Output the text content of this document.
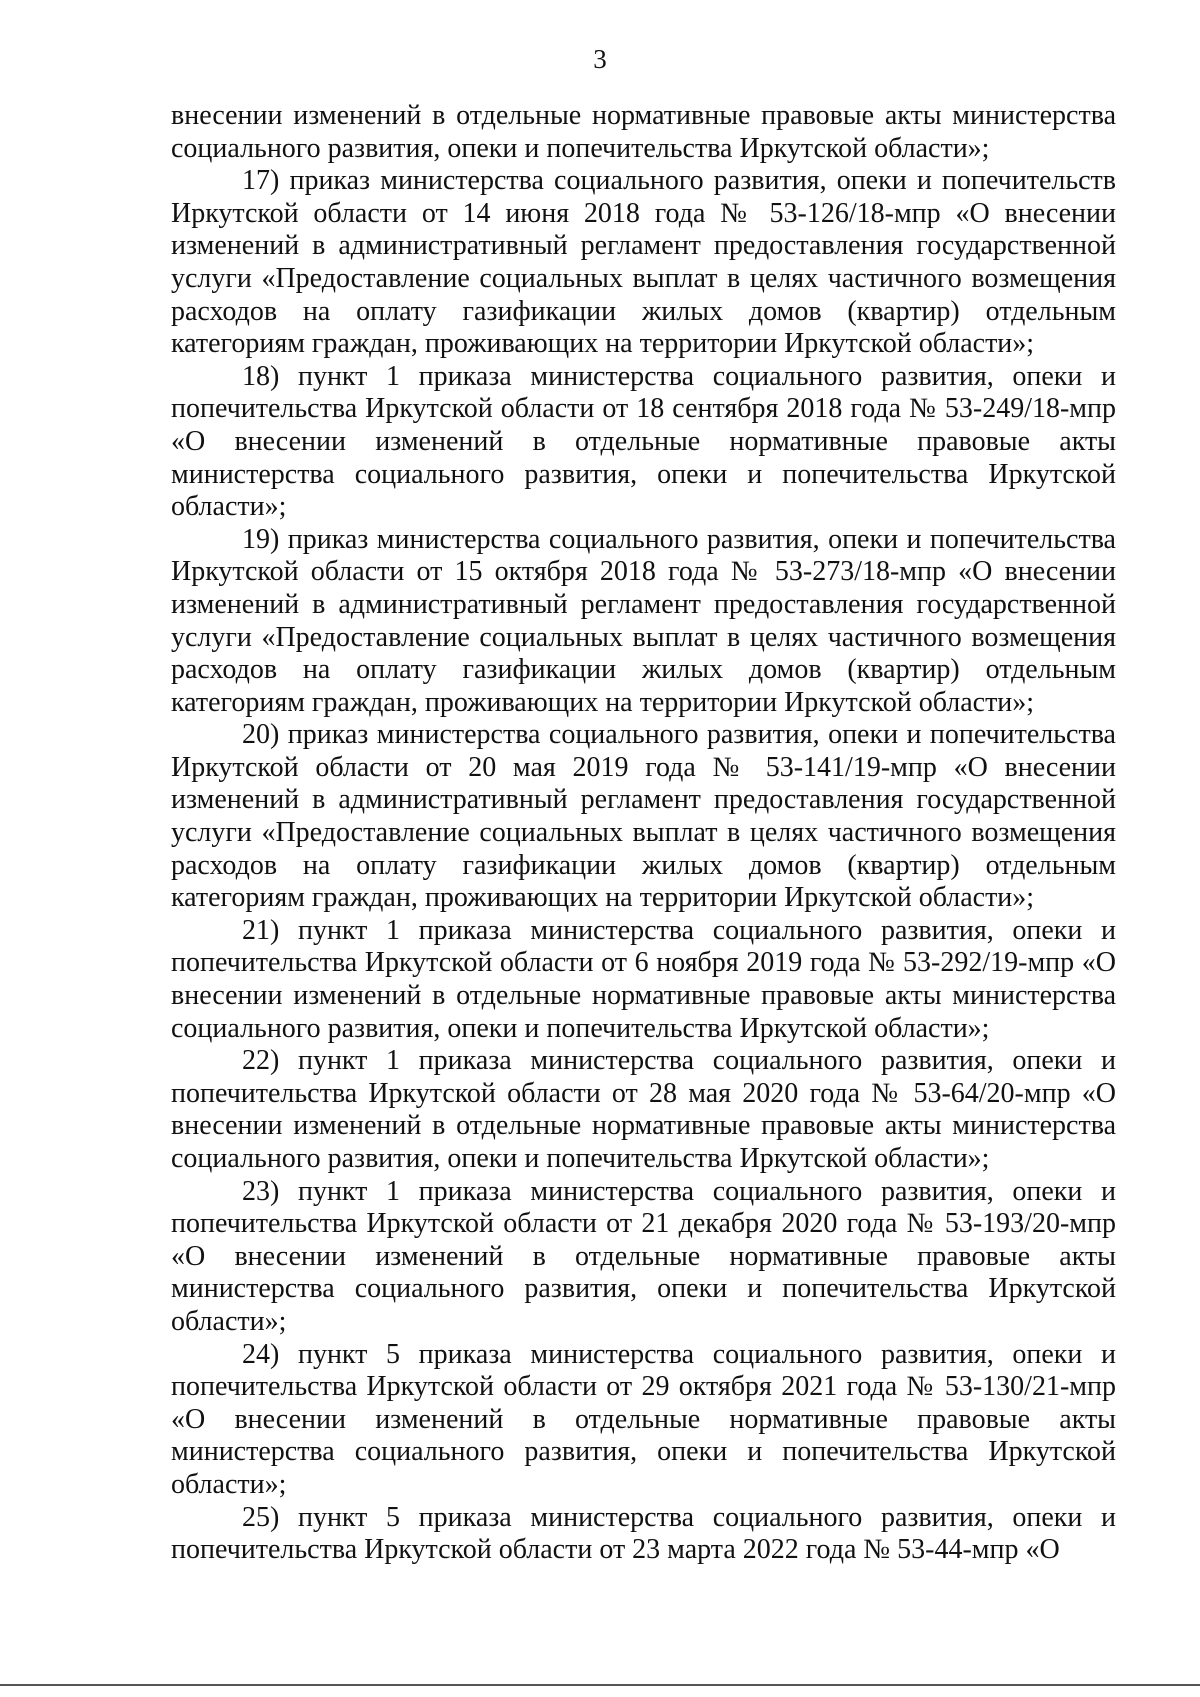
3

внесении изменений в отдельные нормативные правовые акты министерства социального развития, опеки и попечительства Иркутской области»;

17) приказ министерства социального развития, опеки и попечительств Иркутской области от 14 июня 2018 года № 53-126/18-мпр «О внесении изменений в административный регламент предоставления государственной услуги «Предоставление социальных выплат в целях частичного возмещения расходов на оплату газификации жилых домов (квартир) отдельным категориям граждан, проживающих на территории Иркутской области»;

18) пункт 1 приказа министерства социального развития, опеки и попечительства Иркутской области от 18 сентября 2018 года № 53-249/18-мпр «О внесении изменений в отдельные нормативные правовые акты министерства социального развития, опеки и попечительства Иркутской области»;

19) приказ министерства социального развития, опеки и попечительства Иркутской области от 15 октября 2018 года № 53-273/18-мпр «О внесении изменений в административный регламент предоставления государственной услуги «Предоставление социальных выплат в целях частичного возмещения расходов на оплату газификации жилых домов (квартир) отдельным категориям граждан, проживающих на территории Иркутской области»;

20) приказ министерства социального развития, опеки и попечительства Иркутской области от 20 мая 2019 года № 53-141/19-мпр «О внесении изменений в административный регламент предоставления государственной услуги «Предоставление социальных выплат в целях частичного возмещения расходов на оплату газификации жилых домов (квартир) отдельным категориям граждан, проживающих на территории Иркутской области»;

21) пункт 1 приказа министерства социального развития, опеки и попечительства Иркутской области от 6 ноября 2019 года № 53-292/19-мпр «О внесении изменений в отдельные нормативные правовые акты министерства социального развития, опеки и попечительства Иркутской области»;

22) пункт 1 приказа министерства социального развития, опеки и попечительства Иркутской области от 28 мая 2020 года № 53-64/20-мпр «О внесении изменений в отдельные нормативные правовые акты министерства социального развития, опеки и попечительства Иркутской области»;

23) пункт 1 приказа министерства социального развития, опеки и попечительства Иркутской области от 21 декабря 2020 года № 53-193/20-мпр «О внесении изменений в отдельные нормативные правовые акты министерства социального развития, опеки и попечительства Иркутской области»;

24) пункт 5 приказа министерства социального развития, опеки и попечительства Иркутской области от 29 октября 2021 года № 53-130/21-мпр «О внесении изменений в отдельные нормативные правовые акты министерства социального развития, опеки и попечительства Иркутской области»;

25) пункт 5 приказа министерства социального развития, опеки и попечительства Иркутской области от 23 марта 2022 года № 53-44-мпр «О
